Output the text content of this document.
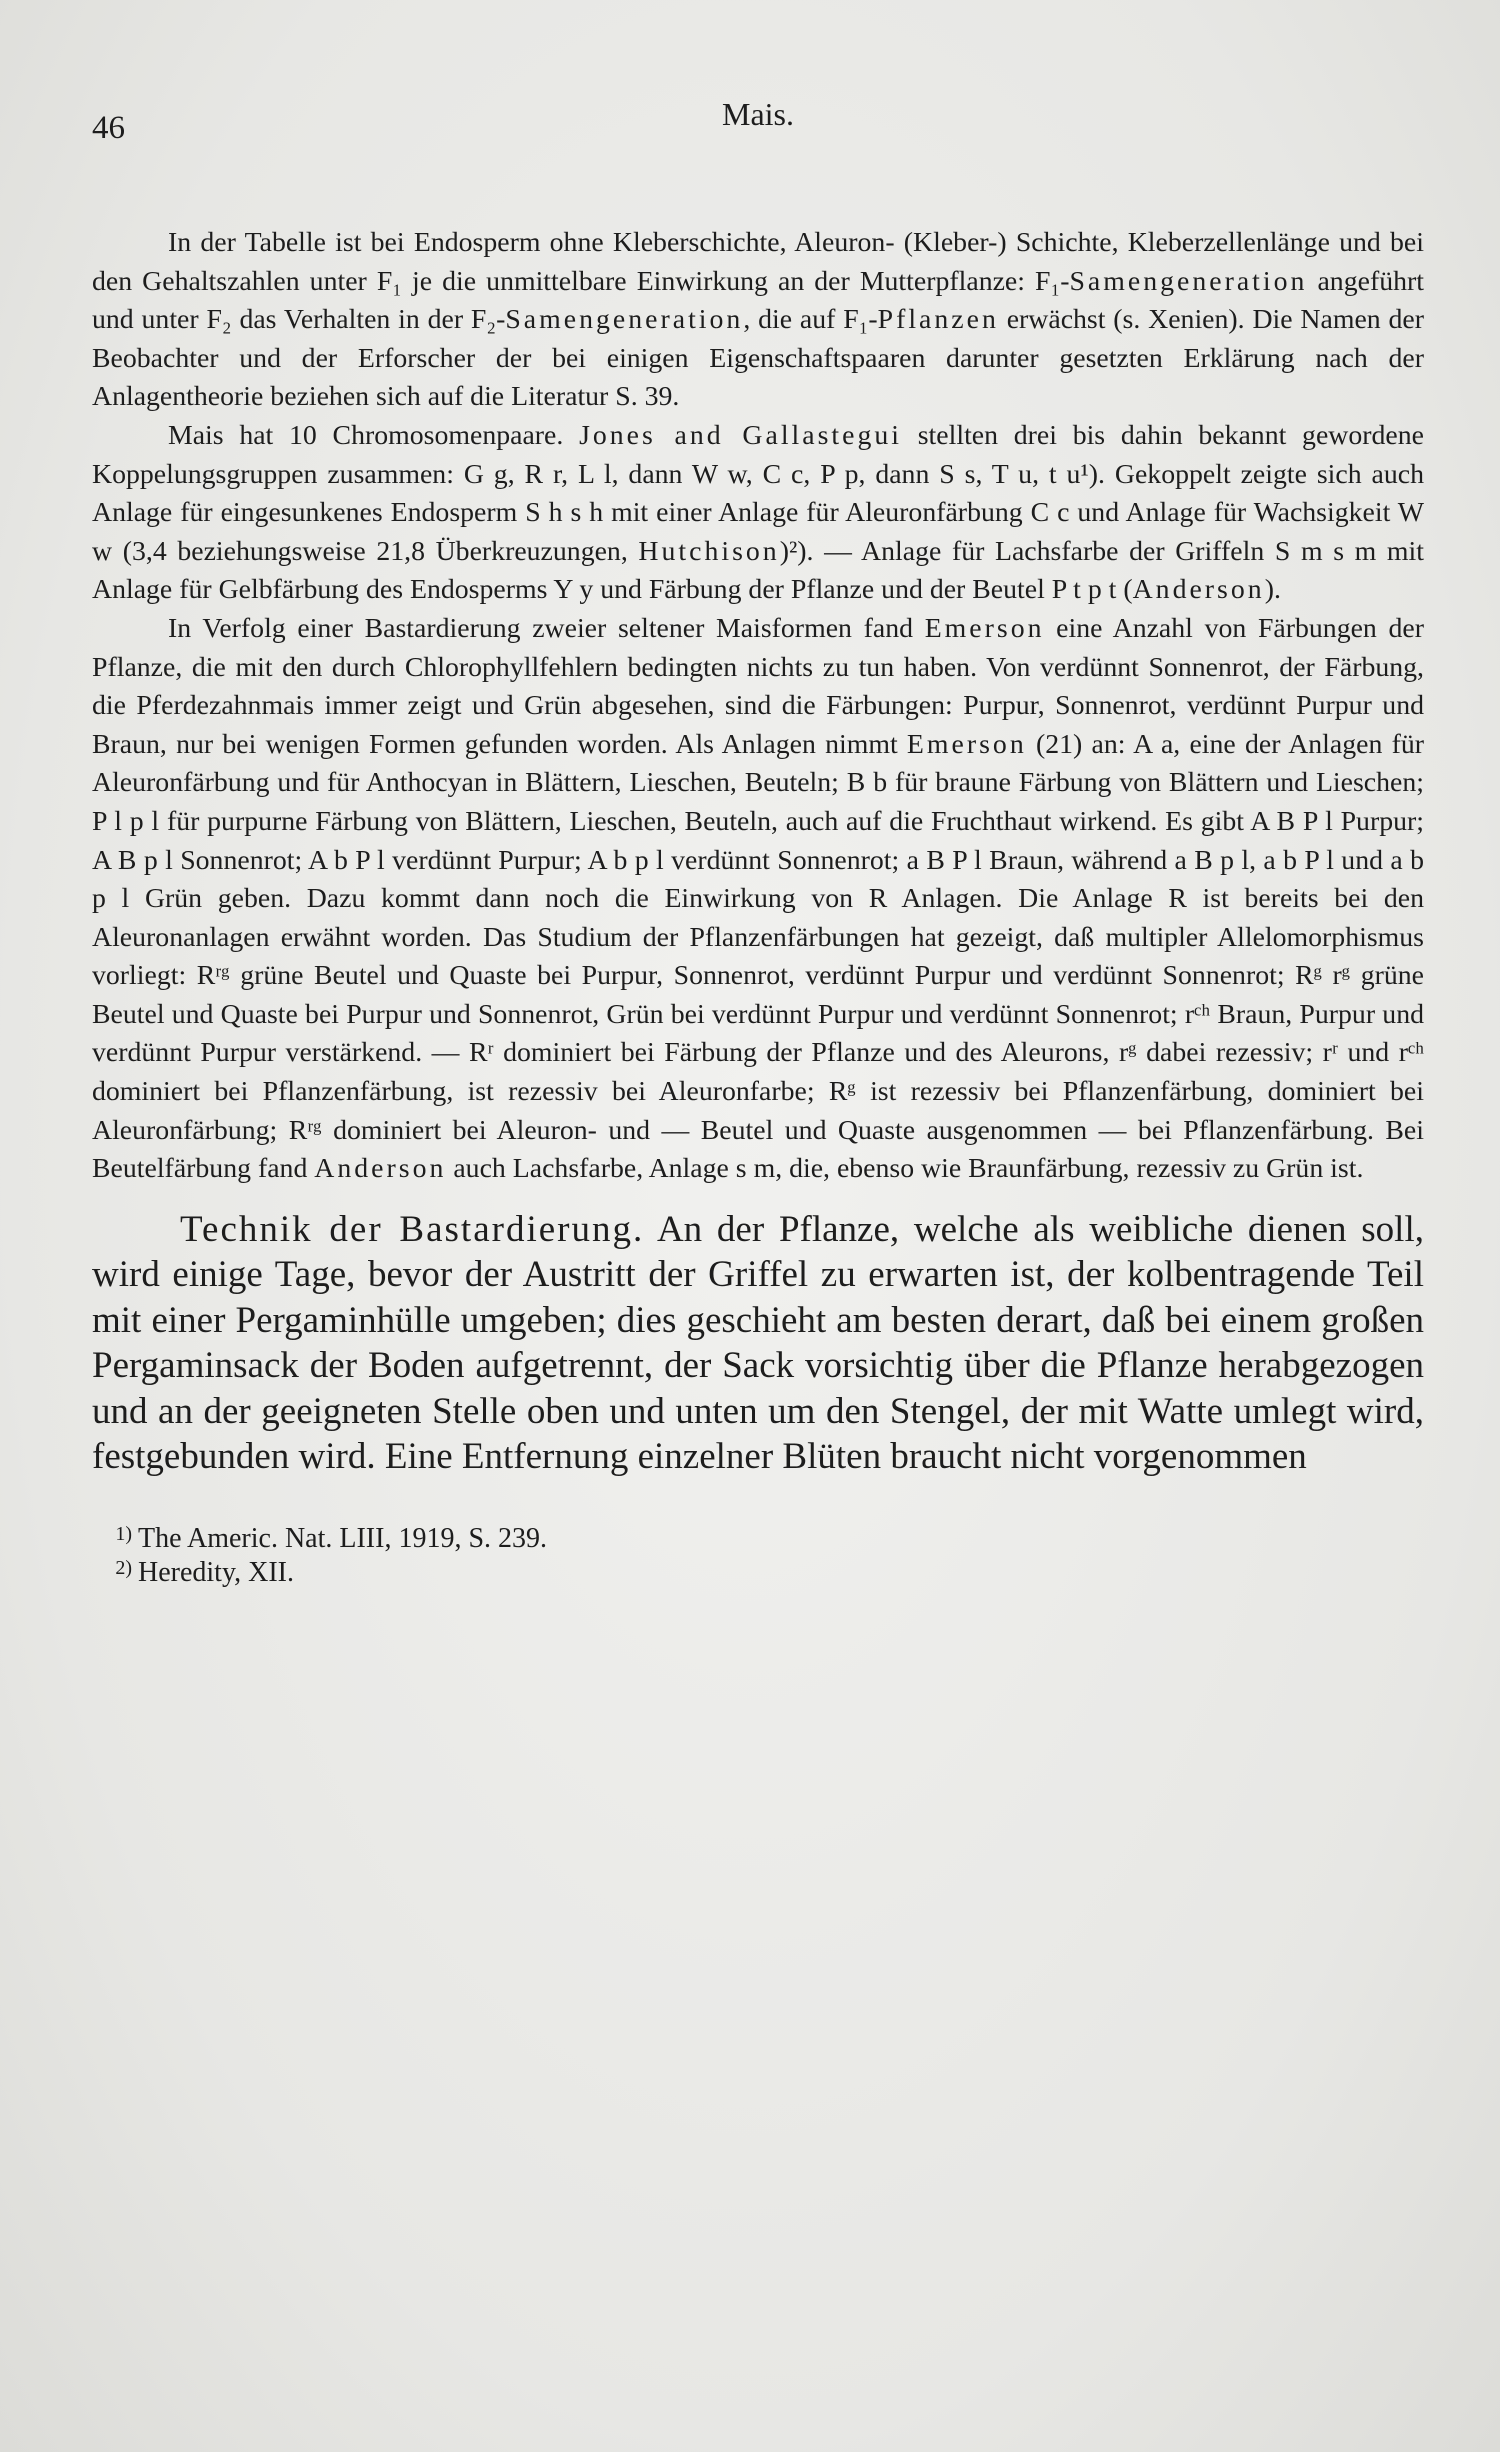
46	Mais.

In der Tabelle ist bei Endosperm ohne Kleberschichte, Aleuron- (Kleber-) Schichte, Kleberzellenlänge und bei den Gehaltszahlen unter F₁ je die unmittelbare Einwirkung an der Mutterpflanze: F₁-Samengeneration angeführt und unter F₂ das Verhalten in der F₂-Samengeneration, die auf F₁-Pflanzen erwächst (s. Xenien). Die Namen der Beobachter und der Erforscher der bei einigen Eigenschaftspaaren darunter gesetzten Erklärung nach der Anlagentheorie beziehen sich auf die Literatur S. 39.

Mais hat 10 Chromosomenpaare. Jones and Gallastegui stellten drei bis dahin bekannt gewordene Koppelungsgruppen zusammen: G g, R r, L l, dann W w, C c, P p, dann S s, T u, t u¹). Gekoppelt zeigte sich auch Anlage für eingesunkenes Endosperm S h s h mit einer Anlage für Aleuronfärbung C c und Anlage für Wachsigkeit W w (3,4 beziehungsweise 21,8 Überkreuzungen, Hutchison)²). — Anlage für Lachsfarbe der Griffeln S m s m mit Anlage für Gelbfärbung des Endosperms Y y und Färbung der Pflanze und der Beutel P t p t (Anderson).

In Verfolg einer Bastardierung zweier seltener Maisformen fand Emerson eine Anzahl von Färbungen der Pflanze, die mit den durch Chlorophyllfehlern bedingten nichts zu tun haben. Von verdünnt Sonnenrot, der Färbung, die Pferdezahnmais immer zeigt und Grün abgesehen, sind die Färbungen: Purpur, Sonnenrot, verdünnt Purpur und Braun, nur bei wenigen Formen gefunden worden. Als Anlagen nimmt Emerson (21) an: A a, eine der Anlagen für Aleuronfärbung und für Anthocyan in Blättern, Lieschen, Beuteln; B b für braune Färbung von Blättern und Lieschen; P l p l für purpurne Färbung von Blättern, Lieschen, Beuteln, auch auf die Fruchthaut wirkend. Es gibt A B P l Purpur; A B p l Sonnenrot; A b P l verdünnt Purpur; A b p l verdünnt Sonnenrot; a B P l Braun, während a B p l, a b P l und a b p l Grün geben. Dazu kommt dann noch die Einwirkung von R Anlagen. Die Anlage R ist bereits bei den Aleuronanlagen erwähnt worden. Das Studium der Pflanzenfärbungen hat gezeigt, daß multipler Allelomorphismus vorliegt: Rʳᵍ grüne Beutel und Quaste bei Purpur, Sonnenrot, verdünnt Purpur und verdünnt Sonnenrot; Rᵍ rᵍ grüne Beutel und Quaste bei Purpur und Sonnenrot, Grün bei verdünnt Purpur und verdünnt Sonnenrot; rᶜʰ Braun, Purpur und verdünnt Purpur verstärkend. — Rʳ dominiert bei Färbung der Pflanze und des Aleurons, rᵍ dabei rezessiv; rʳ und rᶜʰ dominiert bei Pflanzenfärbung, ist rezessiv bei Aleuronfarbe; Rᵍ ist rezessiv bei Pflanzenfärbung, dominiert bei Aleuronfärbung; Rʳᵍ dominiert bei Aleuron- und — Beutel und Quaste ausgenommen — bei Pflanzenfärbung. Bei Beutelfärbung fand Anderson auch Lachsfarbe, Anlage s m, die, ebenso wie Braunfärbung, rezessiv zu Grün ist.

Technik der Bastardierung. An der Pflanze, welche als weibliche dienen soll, wird einige Tage, bevor der Austritt der Griffel zu erwarten ist, der kolbentragende Teil mit einer Pergaminhülle umgeben; dies geschieht am besten derart, daß bei einem großen Pergaminsack der Boden aufgetrennt, der Sack vorsichtig über die Pflanze herabgezogen und an der geeigneten Stelle oben und unten um den Stengel, der mit Watte umlegt wird, festgebunden wird. Eine Entfernung einzelner Blüten braucht nicht vorgenommen

1) The Americ. Nat. LIII, 1919, S. 239.
2) Heredity, XII.
